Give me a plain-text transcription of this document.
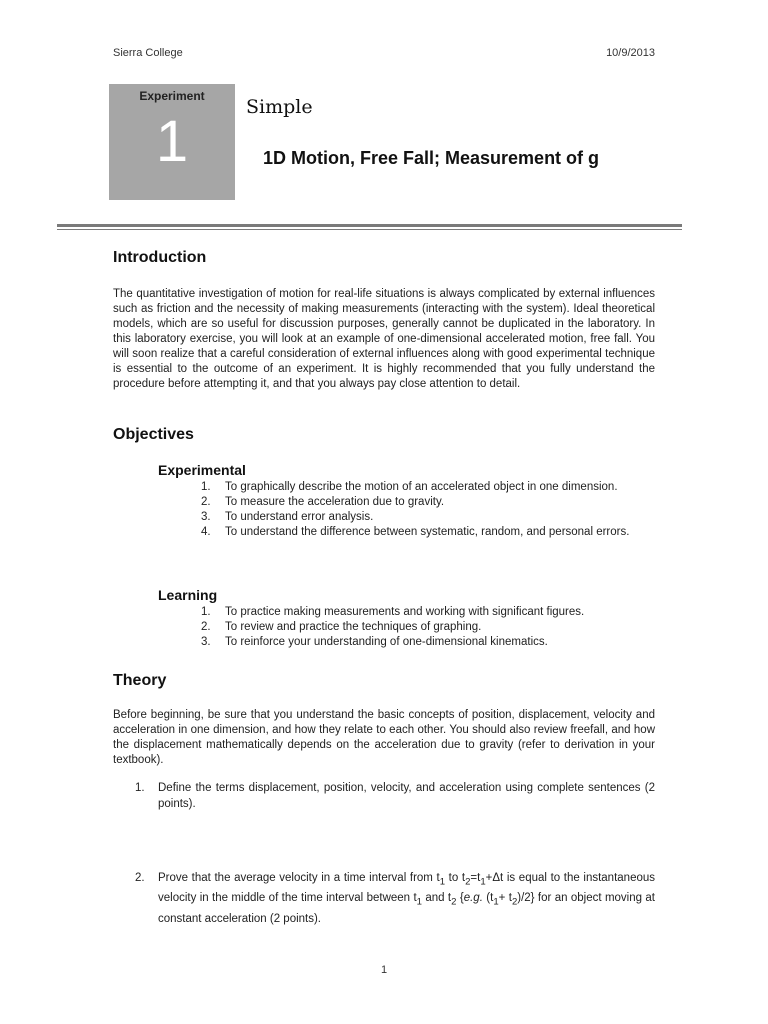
Sierra College	10/9/2013
Experiment
1
Simple
1D Motion, Free Fall; Measurement of g
Introduction
The quantitative investigation of motion for real-life situations is always complicated by external influences such as friction and the necessity of making measurements (interacting with the system). Ideal theoretical models, which are so useful for discussion purposes, generally cannot be duplicated in the laboratory. In this laboratory exercise, you will look at an example of one-dimensional accelerated motion, free fall. You will soon realize that a careful consideration of external influences along with good experimental technique is essential to the outcome of an experiment. It is highly recommended that you fully understand the procedure before attempting it, and that you always pay close attention to detail.
Objectives
Experimental
1. To graphically describe the motion of an accelerated object in one dimension.
2. To measure the acceleration due to gravity.
3. To understand error analysis.
4. To understand the difference between systematic, random, and personal errors.
Learning
1. To practice making measurements and working with significant figures.
2. To review and practice the techniques of graphing.
3. To reinforce your understanding of one-dimensional kinematics.
Theory
Before beginning, be sure that you understand the basic concepts of position, displacement, velocity and acceleration in one dimension, and how they relate to each other. You should also review freefall, and how the displacement mathematically depends on the acceleration due to gravity (refer to derivation in your textbook).
1.	Define the terms displacement, position, velocity, and acceleration using complete sentences (2 points).
2.	Prove that the average velocity in a time interval from $t_1$ to $t_2=t_1+\Delta t$ is equal to the instantaneous velocity in the middle of the time interval between $t_1$ and $t_2$ {e.g. $(t_1+ t_2)/2$} for an object moving at constant acceleration (2 points).
1
